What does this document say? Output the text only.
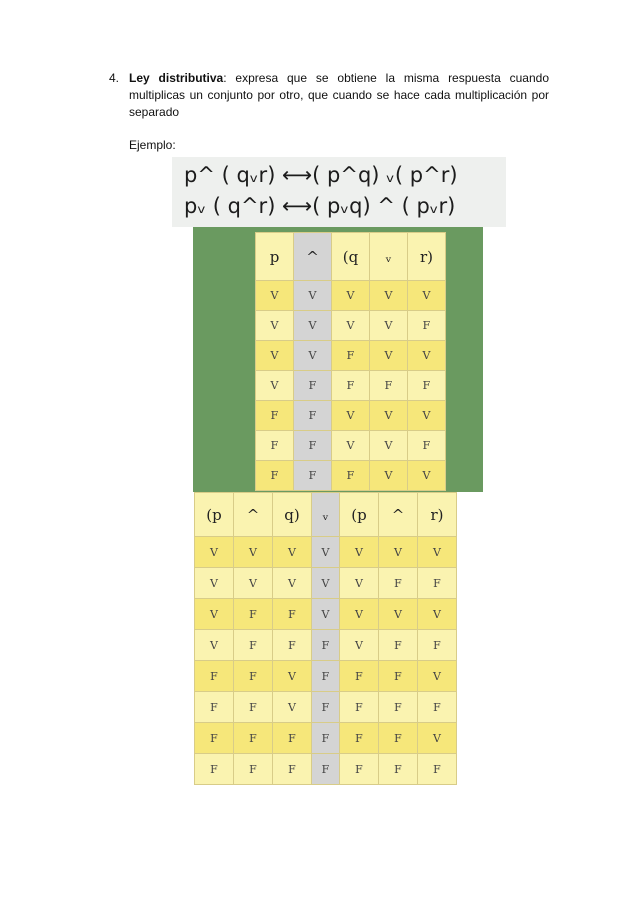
4. Ley distributiva: expresa que se obtiene la misma respuesta cuando multiplicas un conjunto por otro, que cuando se hace cada multiplicación por separado
Ejemplo:
p^ ( qᵥr) ⟷( p^q) ᵥ( p^r)
pᵥ ( q^r) ⟷( pᵥq) ^ ( pᵥr)
p	^	(q	ᵥ	r)
V	V	V	V	V
V	V	V	V	F
V	V	F	V	V
V	F	F	F	F
F	F	V	V	V
F	F	V	V	F
F	F	F	V	V
(p	^	q)	ᵥ	(p	^	r)
V	V	V	V	V	V	V
V	V	V	V	V	F	F
V	F	F	V	V	V	V
V	F	F	F	V	F	F
F	F	V	F	F	F	V
F	F	V	F	F	F	F
F	F	F	F	F	F	V
F	F	F	F	F	F	F
